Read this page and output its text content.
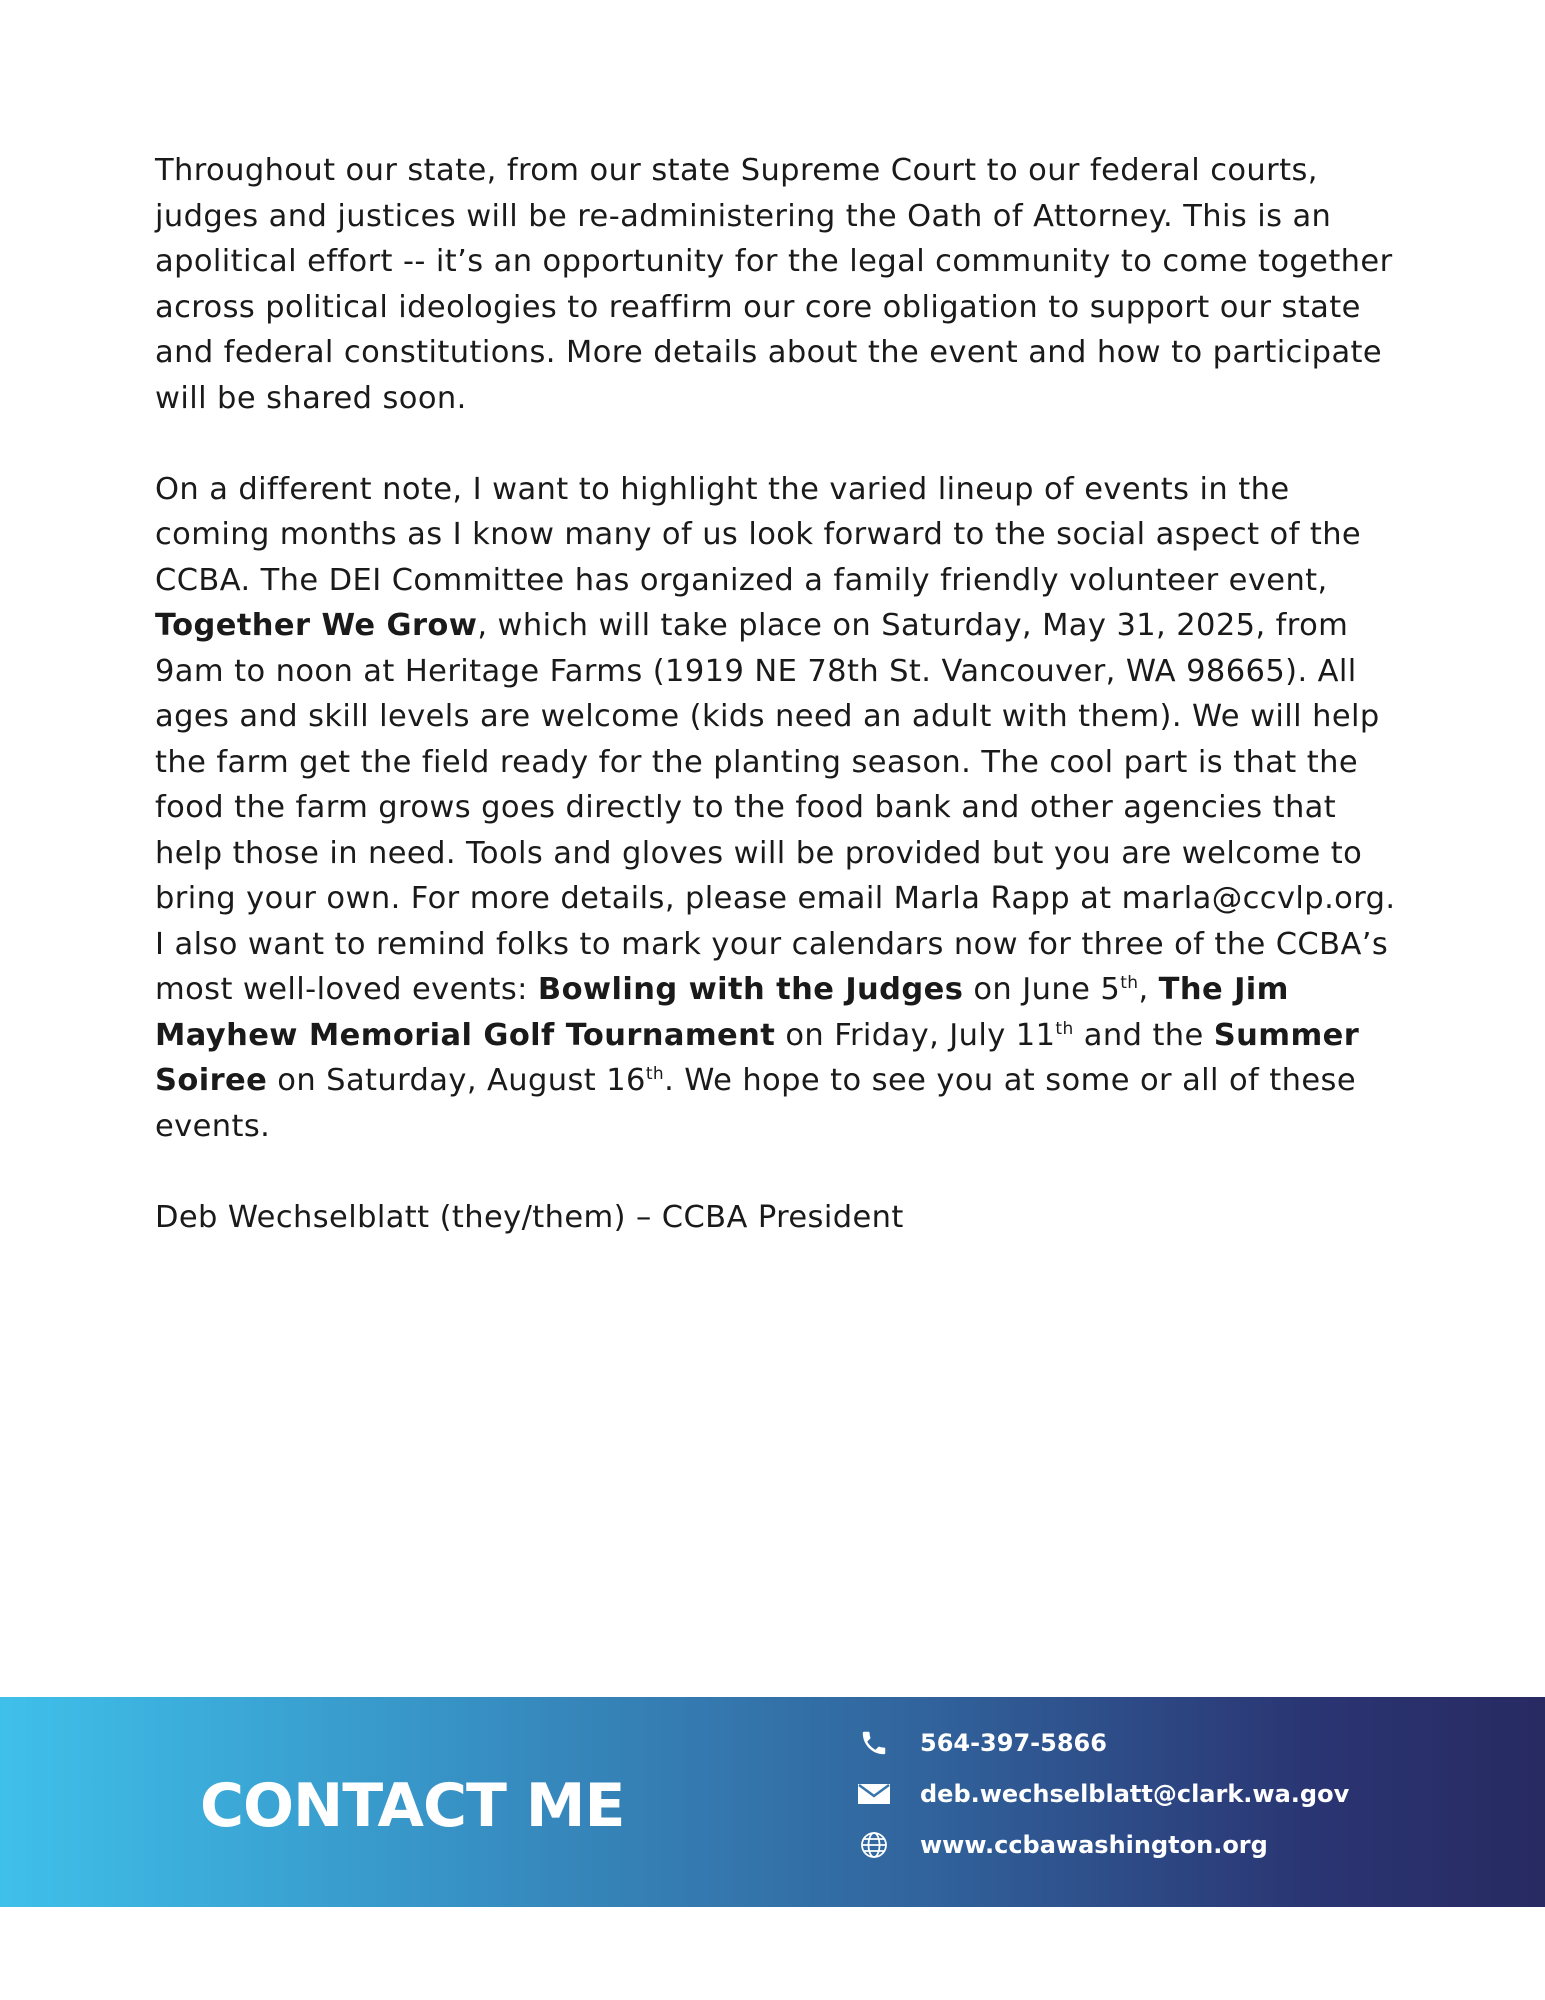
Throughout our state, from our state Supreme Court to our federal courts, judges and justices will be re-administering the Oath of Attorney. This is an apolitical effort -- it’s an opportunity for the legal community to come together across political ideologies to reaffirm our core obligation to support our state and federal constitutions. More details about the event and how to participate will be shared soon.

On a different note, I want to highlight the varied lineup of events in the coming months as I know many of us look forward to the social aspect of the CCBA. The DEI Committee has organized a family friendly volunteer event, Together We Grow, which will take place on Saturday, May 31, 2025, from 9am to noon at Heritage Farms (1919 NE 78th St. Vancouver, WA 98665). All ages and skill levels are welcome (kids need an adult with them). We will help the farm get the field ready for the planting season. The cool part is that the food the farm grows goes directly to the food bank and other agencies that help those in need. Tools and gloves will be provided but you are welcome to bring your own. For more details, please email Marla Rapp at marla@ccvlp.org. I also want to remind folks to mark your calendars now for three of the CCBA’s most well-loved events: Bowling with the Judges on June 5th, The Jim Mayhew Memorial Golf Tournament on Friday, July 11th and the Summer Soiree on Saturday, August 16th. We hope to see you at some or all of these events.

Deb Wechselblatt (they/them) – CCBA President

CONTACT ME
564-397-5866
deb.wechselblatt@clark.wa.gov
www.ccbawashington.org
